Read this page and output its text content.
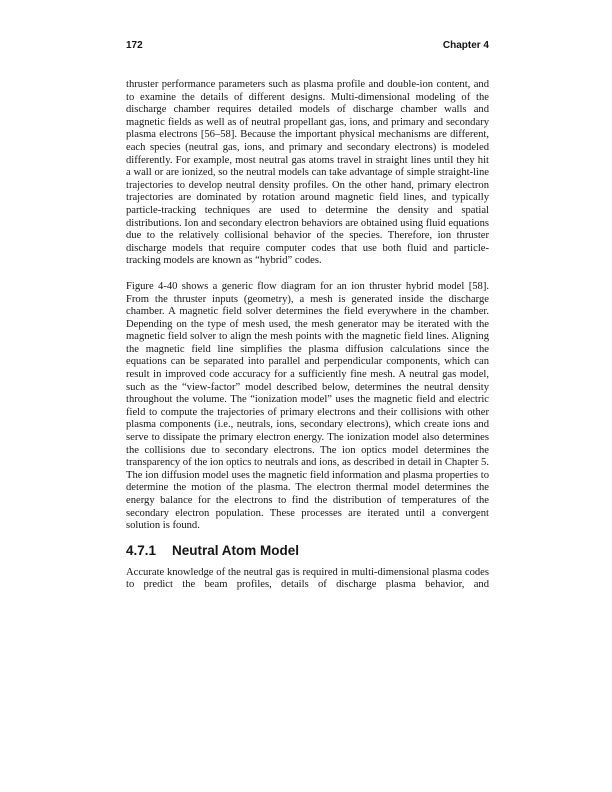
172	Chapter 4

thruster performance parameters such as plasma profile and double-ion content, and to examine the details of different designs. Multi-dimensional modeling of the discharge chamber requires detailed models of discharge chamber walls and magnetic fields as well as of neutral propellant gas, ions, and primary and secondary plasma electrons [56–58]. Because the important physical mechanisms are different, each species (neutral gas, ions, and primary and secondary electrons) is modeled differently. For example, most neutral gas atoms travel in straight lines until they hit a wall or are ionized, so the neutral models can take advantage of simple straight-line trajectories to develop neutral density profiles. On the other hand, primary electron trajectories are dominated by rotation around magnetic field lines, and typically particle-tracking techniques are used to determine the density and spatial distributions. Ion and secondary electron behaviors are obtained using fluid equations due to the relatively collisional behavior of the species. Therefore, ion thruster discharge models that require computer codes that use both fluid and particle-tracking models are known as “hybrid” codes.

Figure 4-40 shows a generic flow diagram for an ion thruster hybrid model [58]. From the thruster inputs (geometry), a mesh is generated inside the discharge chamber. A magnetic field solver determines the field everywhere in the chamber. Depending on the type of mesh used, the mesh generator may be iterated with the magnetic field solver to align the mesh points with the magnetic field lines. Aligning the magnetic field line simplifies the plasma diffusion calculations since the equations can be separated into parallel and perpendicular components, which can result in improved code accuracy for a sufficiently fine mesh. A neutral gas model, such as the “view-factor” model described below, determines the neutral density throughout the volume. The “ionization model” uses the magnetic field and electric field to compute the trajectories of primary electrons and their collisions with other plasma components (i.e., neutrals, ions, secondary electrons), which create ions and serve to dissipate the primary electron energy. The ionization model also determines the collisions due to secondary electrons. The ion optics model determines the transparency of the ion optics to neutrals and ions, as described in detail in Chapter 5. The ion diffusion model uses the magnetic field information and plasma properties to determine the motion of the plasma. The electron thermal model determines the energy balance for the electrons to find the distribution of temperatures of the secondary electron population. These processes are iterated until a convergent solution is found.

4.7.1 Neutral Atom Model

Accurate knowledge of the neutral gas is required in multi-dimensional plasma codes to predict the beam profiles, details of discharge plasma behavior, and
